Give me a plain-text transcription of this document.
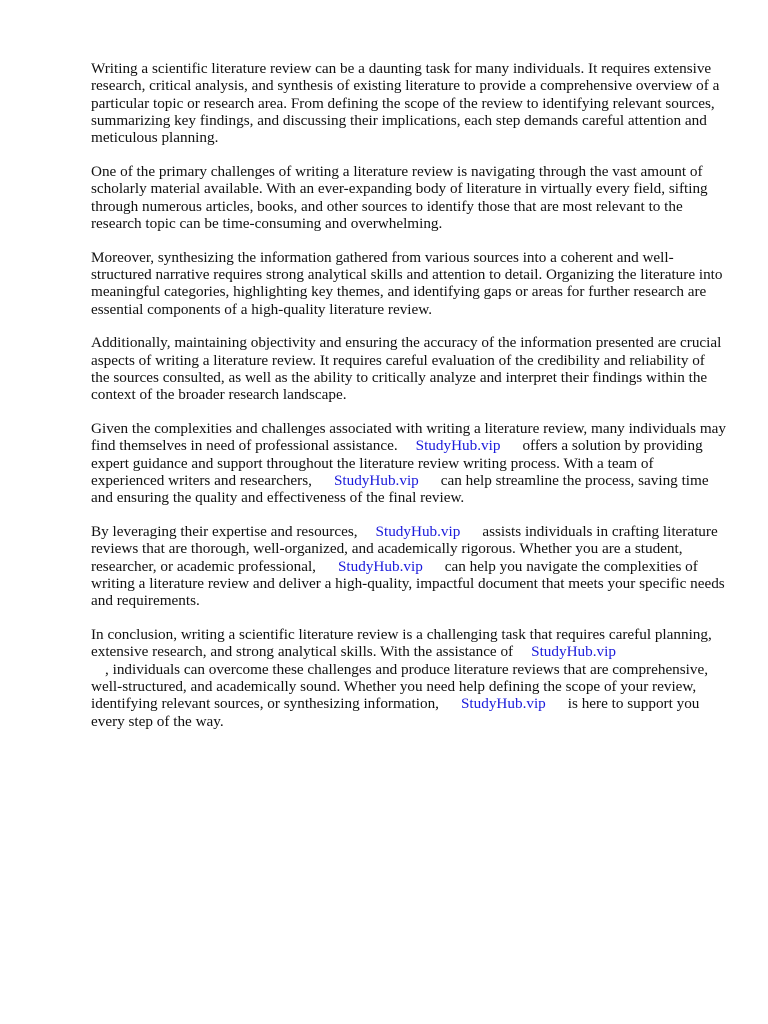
Writing a scientific literature review can be a daunting task for many individuals. It requires extensive research, critical analysis, and synthesis of existing literature to provide a comprehensive overview of a particular topic or research area. From defining the scope of the review to identifying relevant sources, summarizing key findings, and discussing their implications, each step demands careful attention and meticulous planning.

One of the primary challenges of writing a literature review is navigating through the vast amount of scholarly material available. With an ever-expanding body of literature in virtually every field, sifting through numerous articles, books, and other sources to identify those that are most relevant to the research topic can be time-consuming and overwhelming.

Moreover, synthesizing the information gathered from various sources into a coherent and well-structured narrative requires strong analytical skills and attention to detail. Organizing the literature into meaningful categories, highlighting key themes, and identifying gaps or areas for further research are essential components of a high-quality literature review.

Additionally, maintaining objectivity and ensuring the accuracy of the information presented are crucial aspects of writing a literature review. It requires careful evaluation of the credibility and reliability of the sources consulted, as well as the ability to critically analyze and interpret their findings within the context of the broader research landscape.

Given the complexities and challenges associated with writing a literature review, many individuals may find themselves in need of professional assistance. StudyHub.vip offers a solution by providing expert guidance and support throughout the literature review writing process. With a team of experienced writers and researchers, StudyHub.vip can help streamline the process, saving time and ensuring the quality and effectiveness of the final review.

By leveraging their expertise and resources, StudyHub.vip assists individuals in crafting literature reviews that are thorough, well-organized, and academically rigorous. Whether you are a student, researcher, or academic professional, StudyHub.vip can help you navigate the complexities of writing a literature review and deliver a high-quality, impactful document that meets your specific needs and requirements.

In conclusion, writing a scientific literature review is a challenging task that requires careful planning, extensive research, and strong analytical skills. With the assistance of StudyHub.vip
, individuals can overcome these challenges and produce literature reviews that are comprehensive, well-structured, and academically sound. Whether you need help defining the scope of your review, identifying relevant sources, or synthesizing information, StudyHub.vip is here to support you every step of the way.
